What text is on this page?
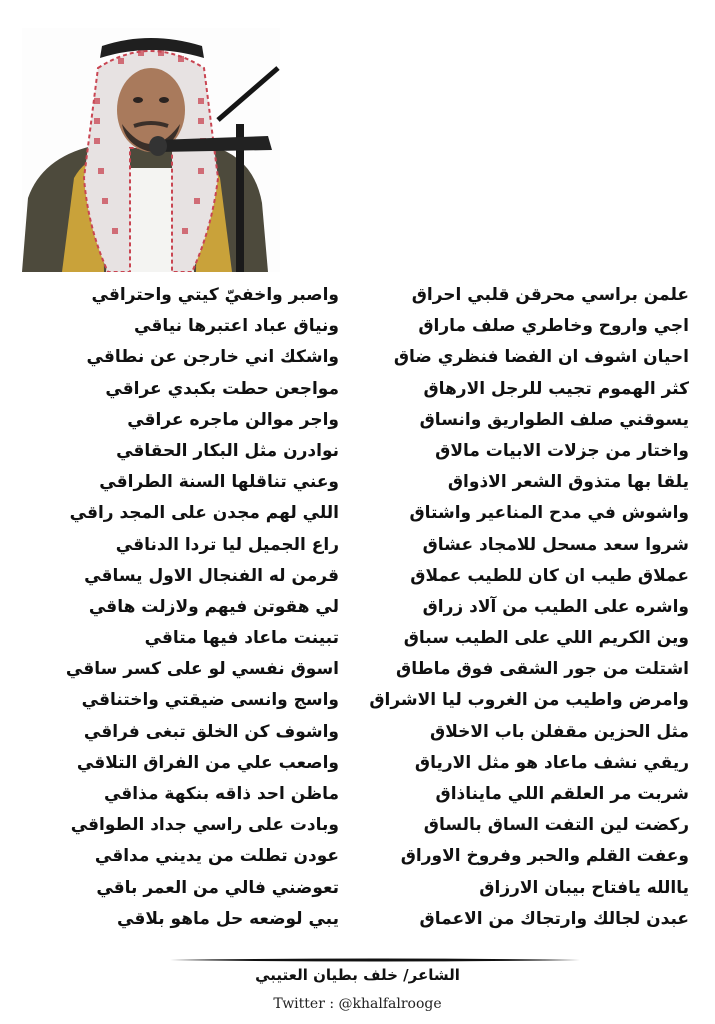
علمن براسي محرقن قلبي احراق
واصبر واخفيّ كيتي واحتراقي
اجي واروح وخاطري صلف ماراق
ونياق عباد اعتبرها نياقي
احيان اشوف ان الفضا فنظري ضاق
واشكك اني خارجن عن نطاقي
كثر الهموم تجيب للرجل الارهاق
مواجعن حطت بكبدي عراقي
يسوقني صلف الطواريق وانساق
واجر موالن ماجره عراقي
واختار من جزلات الابيات مالاق
نوادرن مثل البكار الحقاقي
يلقا بها متذوق الشعر الاذواق
وعني تناقلها السنة الطراقي
واشوش في مدح المناعير واشتاق
اللي لهم مجدن على المجد راقي
شروا سعد مسحل للامجاد عشاق
راع الجميل ليا تردا الدناقي
عملاق طيب ان كان للطيب عملاق
قرمن له الفنجال الاول يساقي
واشره على الطيب من آلاد زراق
لي هقوتن فيهم ولازلت هاقي
وين الكريم اللي على الطيب سباق
تبينت ماعاد فيها متاقي
اشتلت من جور الشقى فوق ماطاق
اسوق نفسي لو على كسر ساقي
وامرض واطيب من الغروب ليا الاشراق
واسج وانسى ضيقتي واختناقي
مثل الحزين مقفلن باب الاخلاق
واشوف كن الخلق تبغى فراقي
ريقي نشف ماعاد هو مثل الارياق
واصعب علي من الفراق التلاقي
شربت مر العلقم اللي مايناذاق
ماظن احد ذاقه بنكهة مذاقي
ركضت لين التفت الساق بالساق
وبادت على راسي جداد الطواقي
وعفت القلم والحبر وفروخ الاوراق
عودن تطلت من يديني مداقي
ياالله يافتاح بيبان الارزاق
تعوضني فالي من العمر باقي
عبدن لجالك وارتجاك من الاعماق
يبي لوضعه حل ماهو بلاقي
الشاعر/ خلف بطيان العتيبي
Twitter : @khalfalrooge
